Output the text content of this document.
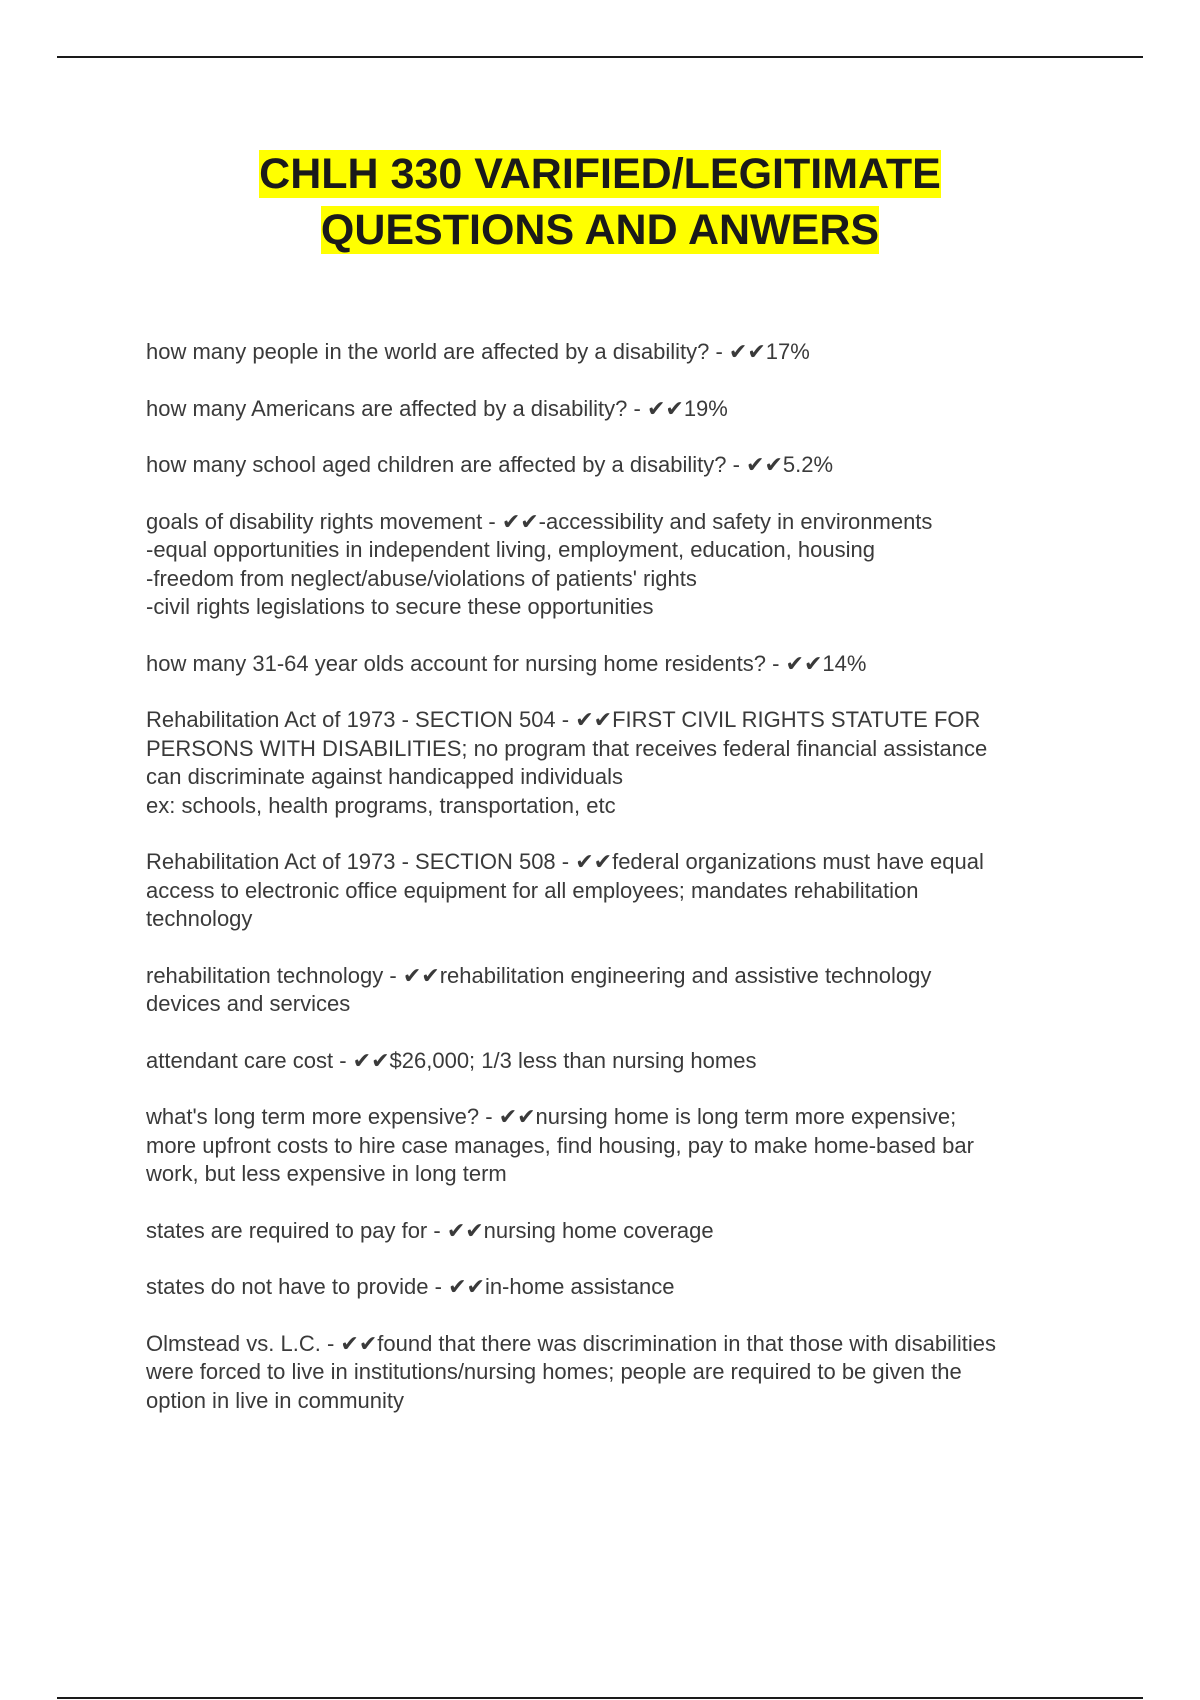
CHLH 330 VARIFIED/LEGITIMATE
QUESTIONS AND ANWERS
how many people in the world are affected by a disability? - ✔✔17%
how many Americans are affected by a disability? - ✔✔19%
how many school aged children are affected by a disability? - ✔✔5.2%
goals of disability rights movement - ✔✔-accessibility and safety in environments
-equal opportunities in independent living, employment, education, housing
-freedom from neglect/abuse/violations of patients' rights
-civil rights legislations to secure these opportunities
how many 31-64 year olds account for nursing home residents? - ✔✔14%
Rehabilitation Act of 1973 - SECTION 504 - ✔✔FIRST CIVIL RIGHTS STATUTE FOR
PERSONS WITH DISABILITIES; no program that receives federal financial assistance
can discriminate against handicapped individuals
ex: schools, health programs, transportation, etc
Rehabilitation Act of 1973 - SECTION 508 - ✔✔federal organizations must have equal
access to electronic office equipment for all employees; mandates rehabilitation
technology
rehabilitation technology - ✔✔rehabilitation engineering and assistive technology
devices and services
attendant care cost - ✔✔$26,000; 1/3 less than nursing homes
what's long term more expensive? - ✔✔nursing home is long term more expensive;
more upfront costs to hire case manages, find housing, pay to make home-based bar
work, but less expensive in long term
states are required to pay for - ✔✔nursing home coverage
states do not have to provide - ✔✔in-home assistance
Olmstead vs. L.C. - ✔✔found that there was discrimination in that those with disabilities
were forced to live in institutions/nursing homes; people are required to be given the
option in live in community
